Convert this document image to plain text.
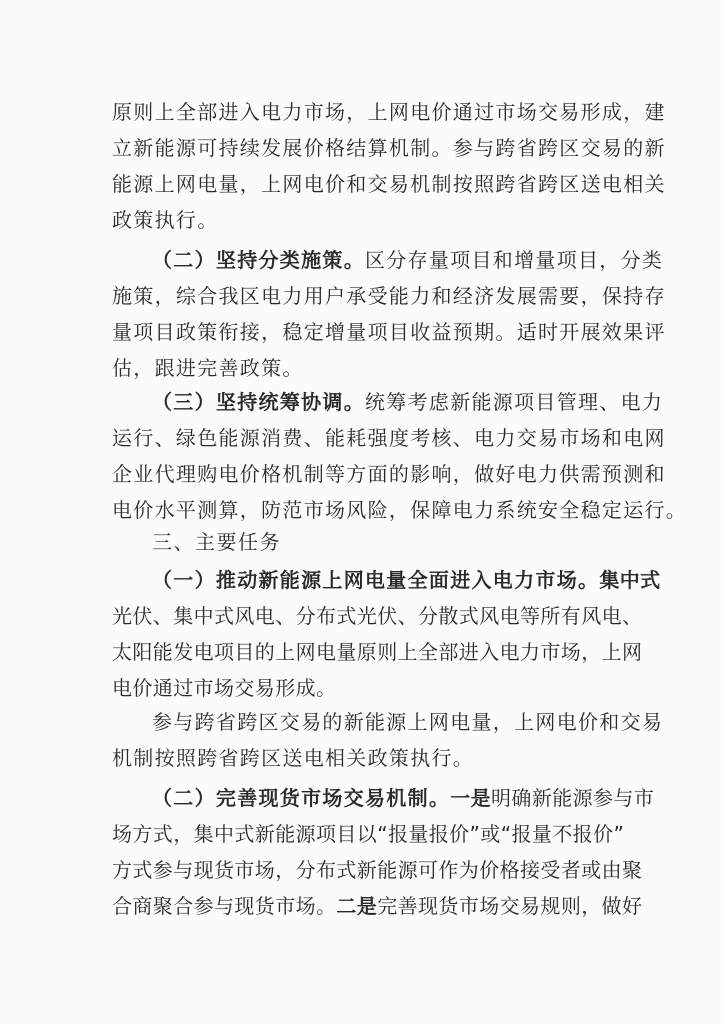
原则上全部进入电力市场，上网电价通过市场交易形成，建
立新能源可持续发展价格结算机制。参与跨省跨区交易的新
能源上网电量，上网电价和交易机制按照跨省跨区送电相关
政策执行。
（二）坚持分类施策。区分存量项目和增量项目，分类
施策，综合我区电力用户承受能力和经济发展需要，保持存
量项目政策衔接，稳定增量项目收益预期。适时开展效果评
估，跟进完善政策。
（三）坚持统筹协调。统筹考虑新能源项目管理、电力
运行、绿色能源消费、能耗强度考核、电力交易市场和电网
企业代理购电价格机制等方面的影响，做好电力供需预测和
电价水平测算，防范市场风险，保障电力系统安全稳定运行。
三、主要任务
（一）推动新能源上网电量全面进入电力市场。集中式
光伏、集中式风电、分布式光伏、分散式风电等所有风电、
太阳能发电项目的上网电量原则上全部进入电力市场，上网
电价通过市场交易形成。
参与跨省跨区交易的新能源上网电量，上网电价和交易
机制按照跨省跨区送电相关政策执行。
（二）完善现货市场交易机制。一是明确新能源参与市
场方式，集中式新能源项目以“报量报价”或“报量不报价”
方式参与现货市场，分布式新能源可作为价格接受者或由聚
合商聚合参与现货市场。二是完善现货市场交易规则，做好
